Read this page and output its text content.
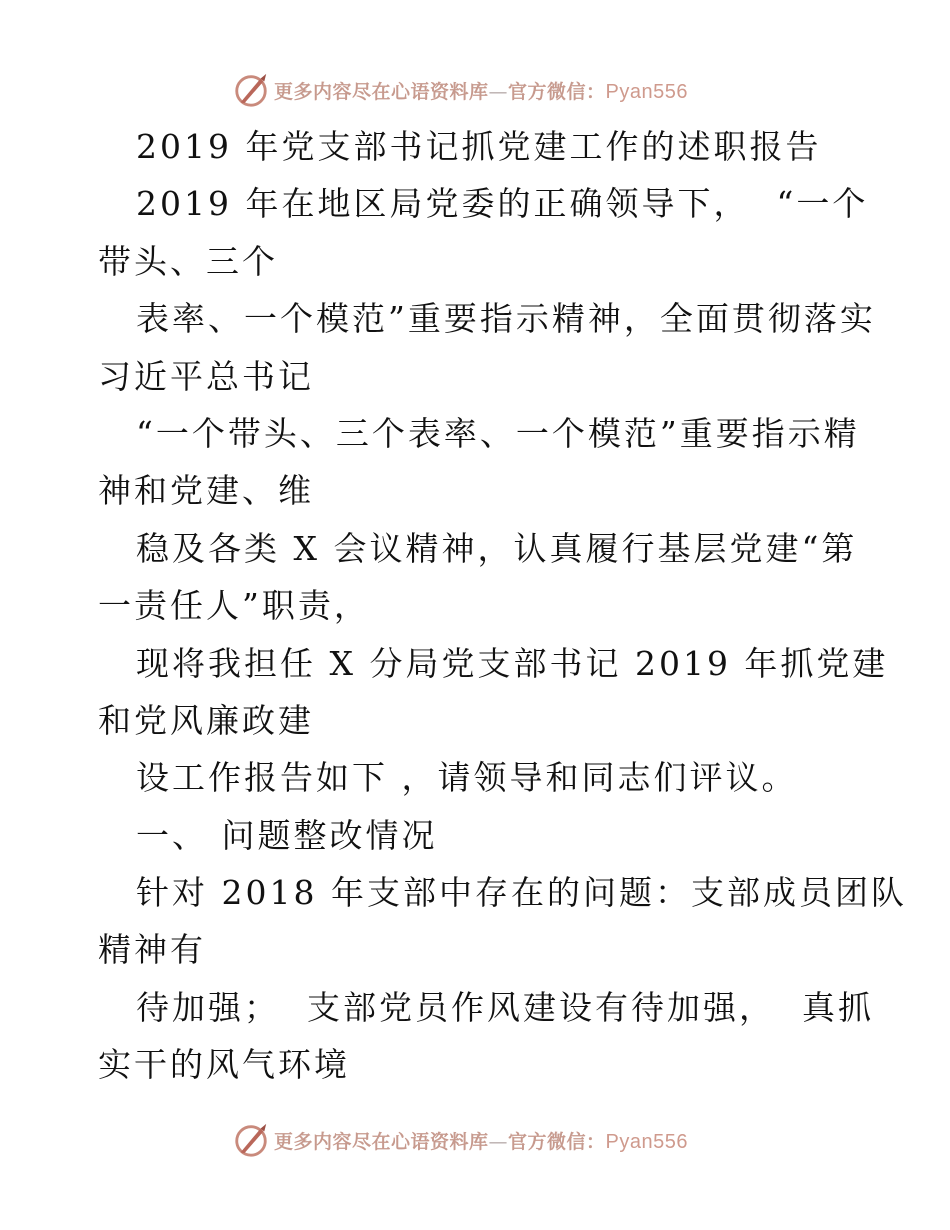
更多内容尽在心语资料库—官方微信：Pyan556
2019 年党支部书记抓党建工作的述职报告
2019 年在地区局党委的正确领导下，  “一个
带头、三个
表率、一个模范”重要指示精神，全面贯彻落实
习近平总书记
“一个带头、三个表率、一个模范”重要指示精
神和党建、维
稳及各类 X 会议精神，认真履行基层党建“第
一责任人”职责，
现将我担任 X 分局党支部书记 2019 年抓党建
和党风廉政建
设工作报告如下 ，请领导和同志们评议。
一、 问题整改情况
针对 2018 年支部中存在的问题：支部成员团队
精神有
待加强；  支部党员作风建设有待加强，  真抓
实干的风气环境
更多内容尽在心语资料库—官方微信：Pyan556
